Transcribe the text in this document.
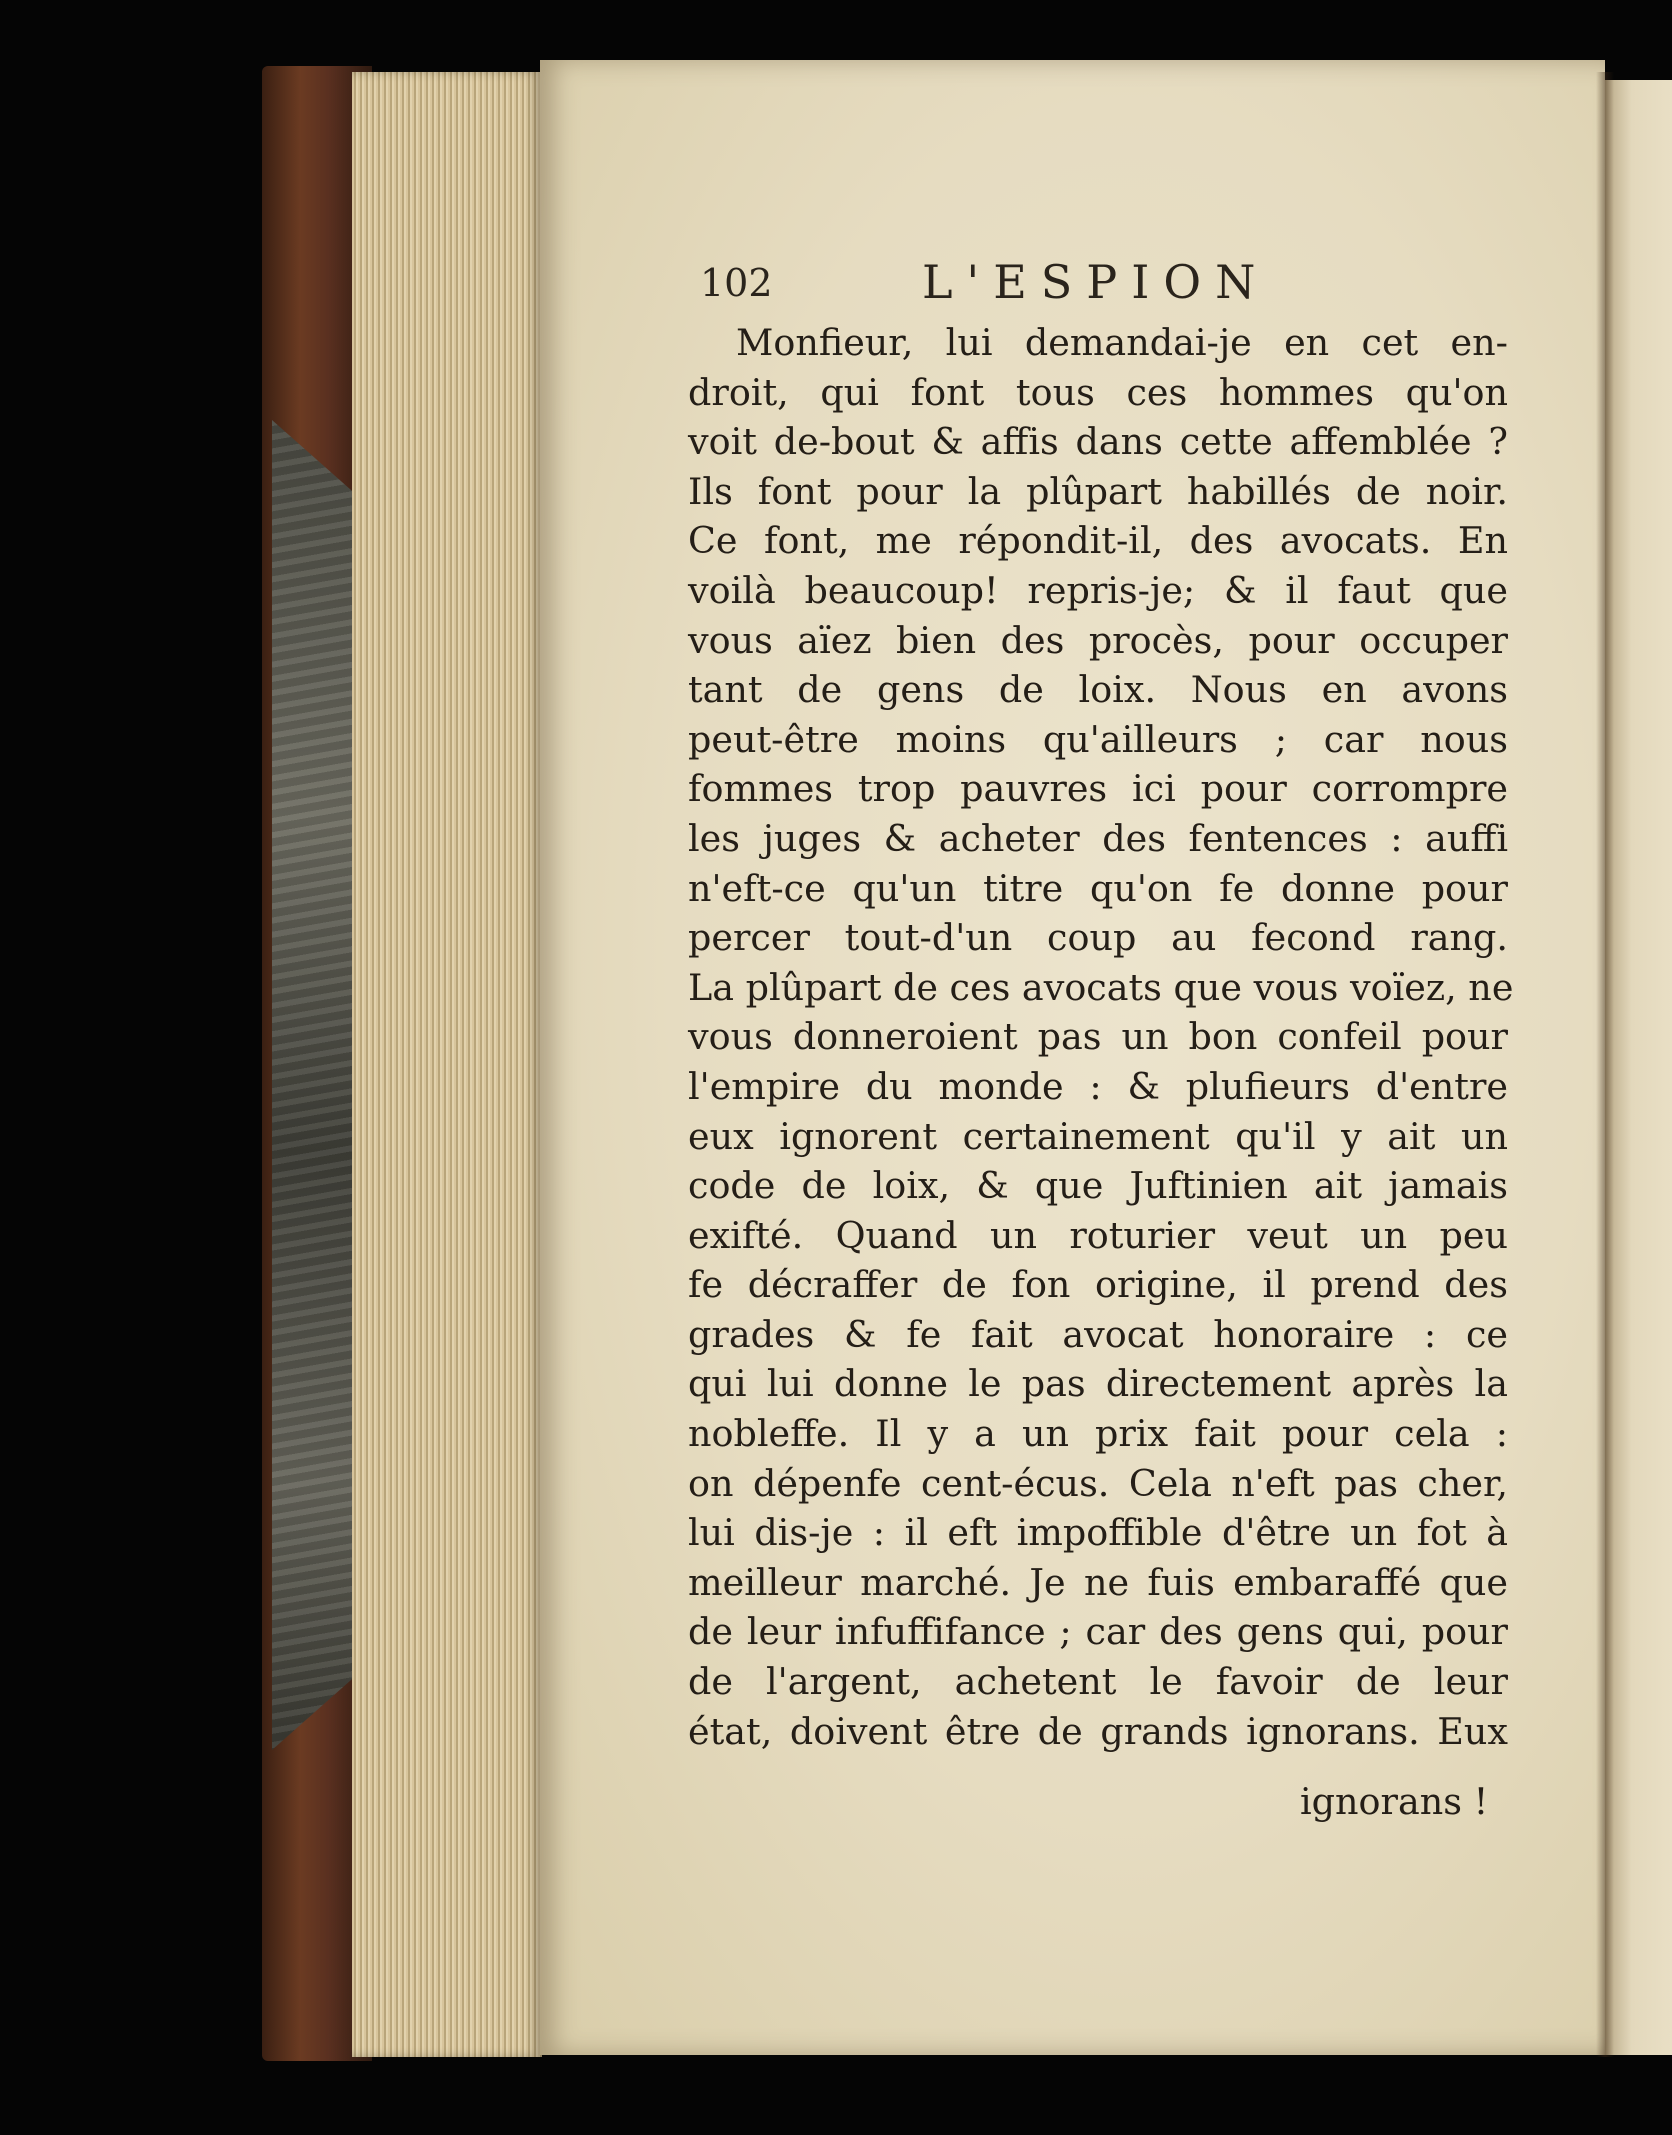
102	L'ESPION
Monfieur, lui demandai-je en cet en-
droit, qui font tous ces hommes qu'on
voit de-bout & affis dans cette affemblée ?
Ils font pour la plûpart habillés de noir.
Ce font, me répondit-il, des avocats. En
voilà beaucoup! repris-je; & il faut que
vous aïez bien des procès, pour occuper
tant de gens de loix. Nous en avons
peut-être moins qu'ailleurs ; car nous
fommes trop pauvres ici pour corrompre
les juges & acheter des fentences : auffi
n'eft-ce qu'un titre qu'on fe donne pour
percer tout-d'un coup au fecond rang.
La plûpart de ces avocats que vous voïez, ne
vous donneroient pas un bon confeil pour
l'empire du monde : & plufieurs d'entre
eux ignorent certainement qu'il y ait un
code de loix, & que Juftinien ait jamais
exifté. Quand un roturier veut un peu
fe décraffer de fon origine, il prend des
grades & fe fait avocat honoraire : ce
qui lui donne le pas directement après la
nobleffe. Il y a un prix fait pour cela :
on dépenfe cent-écus. Cela n'eft pas cher,
lui dis-je : il eft impoffible d'être un fot à
meilleur marché. Je ne fuis embaraffé que
de leur infuffifance ; car des gens qui, pour
de l'argent, achetent le favoir de leur
état, doivent être de grands ignorans. Eux
ignorans !
